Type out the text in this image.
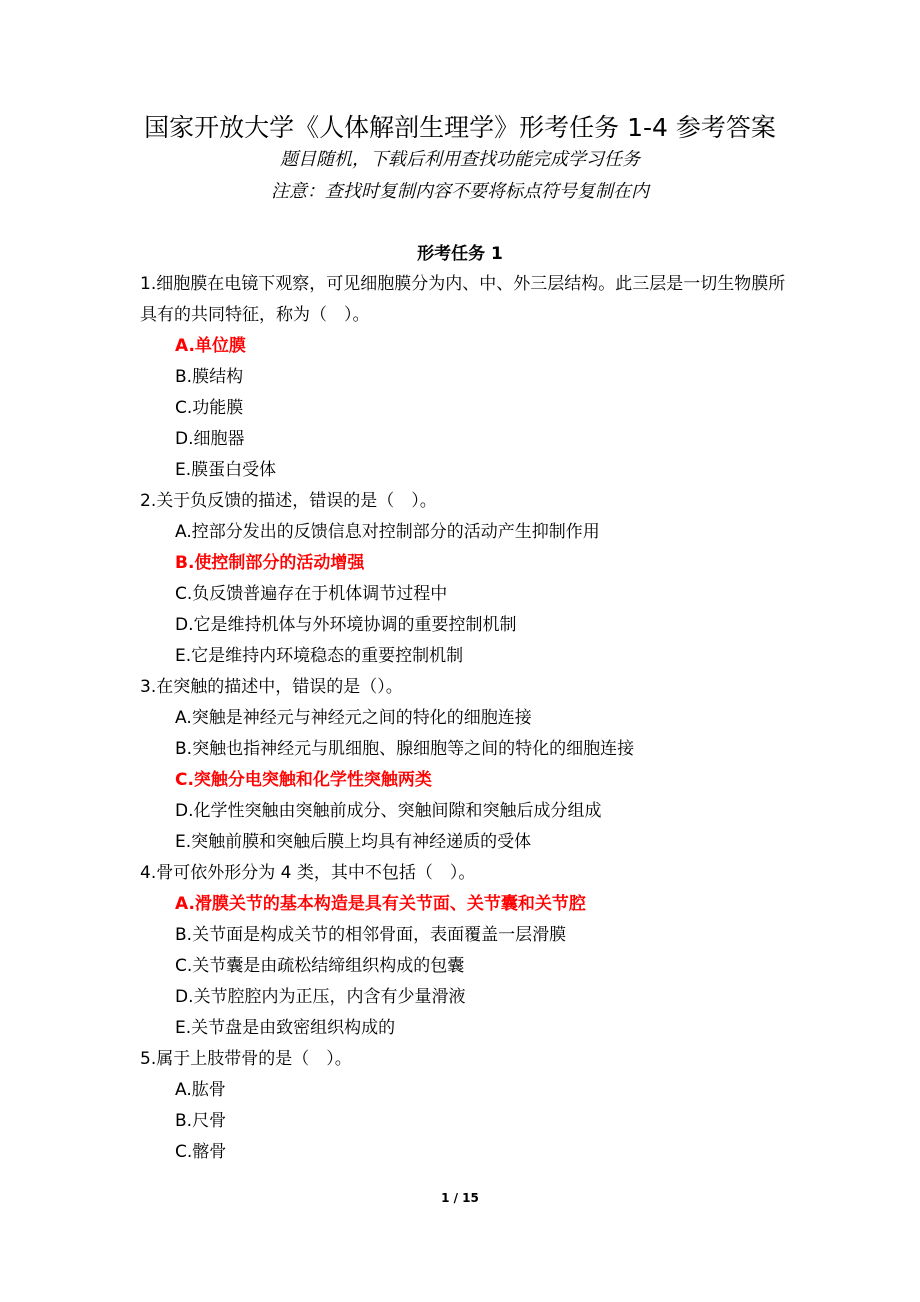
国家开放大学《人体解剖生理学》形考任务 1-4 参考答案

题目随机，下载后利用查找功能完成学习任务

注意：查找时复制内容不要将标点符号复制在内

形考任务 1

1.细胞膜在电镜下观察，可见细胞膜分为内、中、外三层结构。此三层是一切生物膜所具有的共同特征，称为（　）。

A.单位膜
B.膜结构
C.功能膜
D.细胞器
E.膜蛋白受体

2.关于负反馈的描述，错误的是（　）。

A.控部分发出的反馈信息对控制部分的活动产生抑制作用
B.使控制部分的活动增强
C.负反馈普遍存在于机体调节过程中
D.它是维持机体与外环境协调的重要控制机制
E.它是维持内环境稳态的重要控制机制

3.在突触的描述中，错误的是（）。

A.突触是神经元与神经元之间的特化的细胞连接
B.突触也指神经元与肌细胞、腺细胞等之间的特化的细胞连接
C.突触分电突触和化学性突触两类
D.化学性突触由突触前成分、突触间隙和突触后成分组成
E.突触前膜和突触后膜上均具有神经递质的受体

4.骨可依外形分为 4 类，其中不包括（　）。

A.滑膜关节的基本构造是具有关节面、关节囊和关节腔
B.关节面是构成关节的相邻骨面，表面覆盖一层滑膜
C.关节囊是由疏松结缔组织构成的包囊
D.关节腔腔内为正压，内含有少量滑液
E.关节盘是由致密组织构成的

5.属于上肢带骨的是（　）。

A.肱骨
B.尺骨
C.髂骨
1 / 15
